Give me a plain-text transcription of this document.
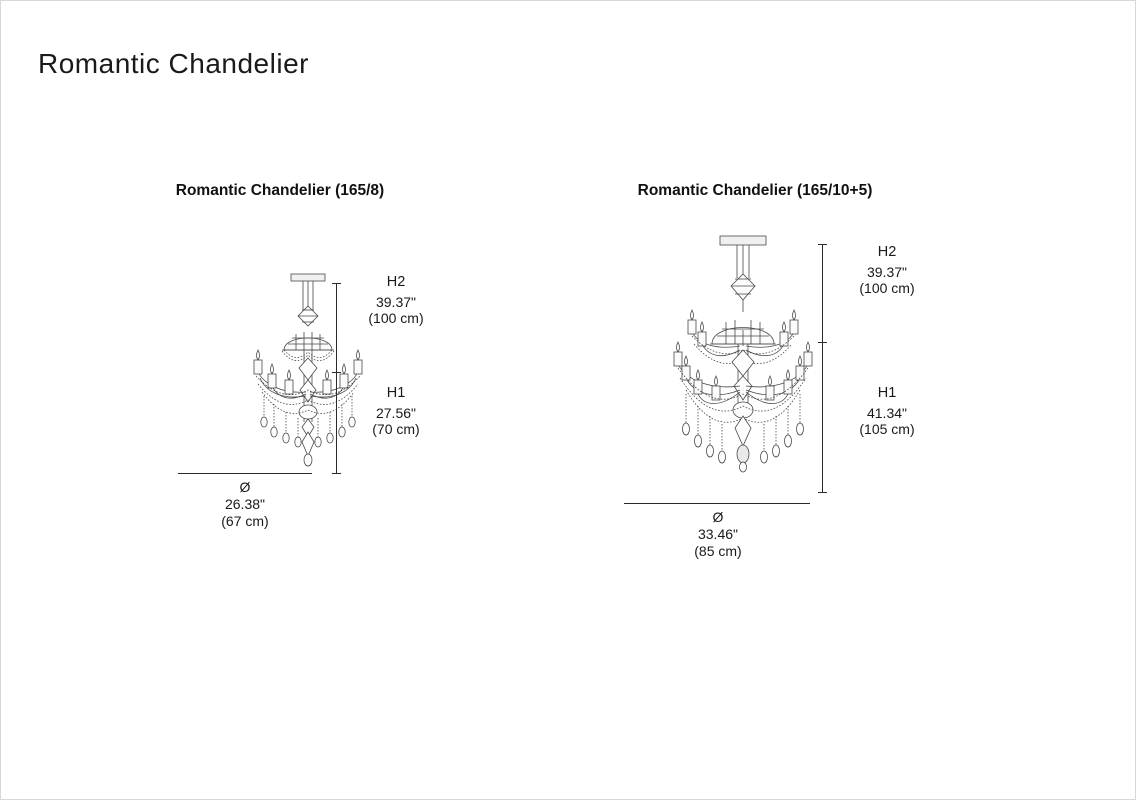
Romantic Chandelier
Romantic Chandelier (165/8)
H2
39.37"
(100 cm)
H1
27.56"
(70 cm)
Ø
26.38"
(67 cm)
Romantic Chandelier (165/10+5)
H2
39.37"
(100 cm)
H1
41.34"
(105 cm)
Ø
33.46"
(85 cm)
